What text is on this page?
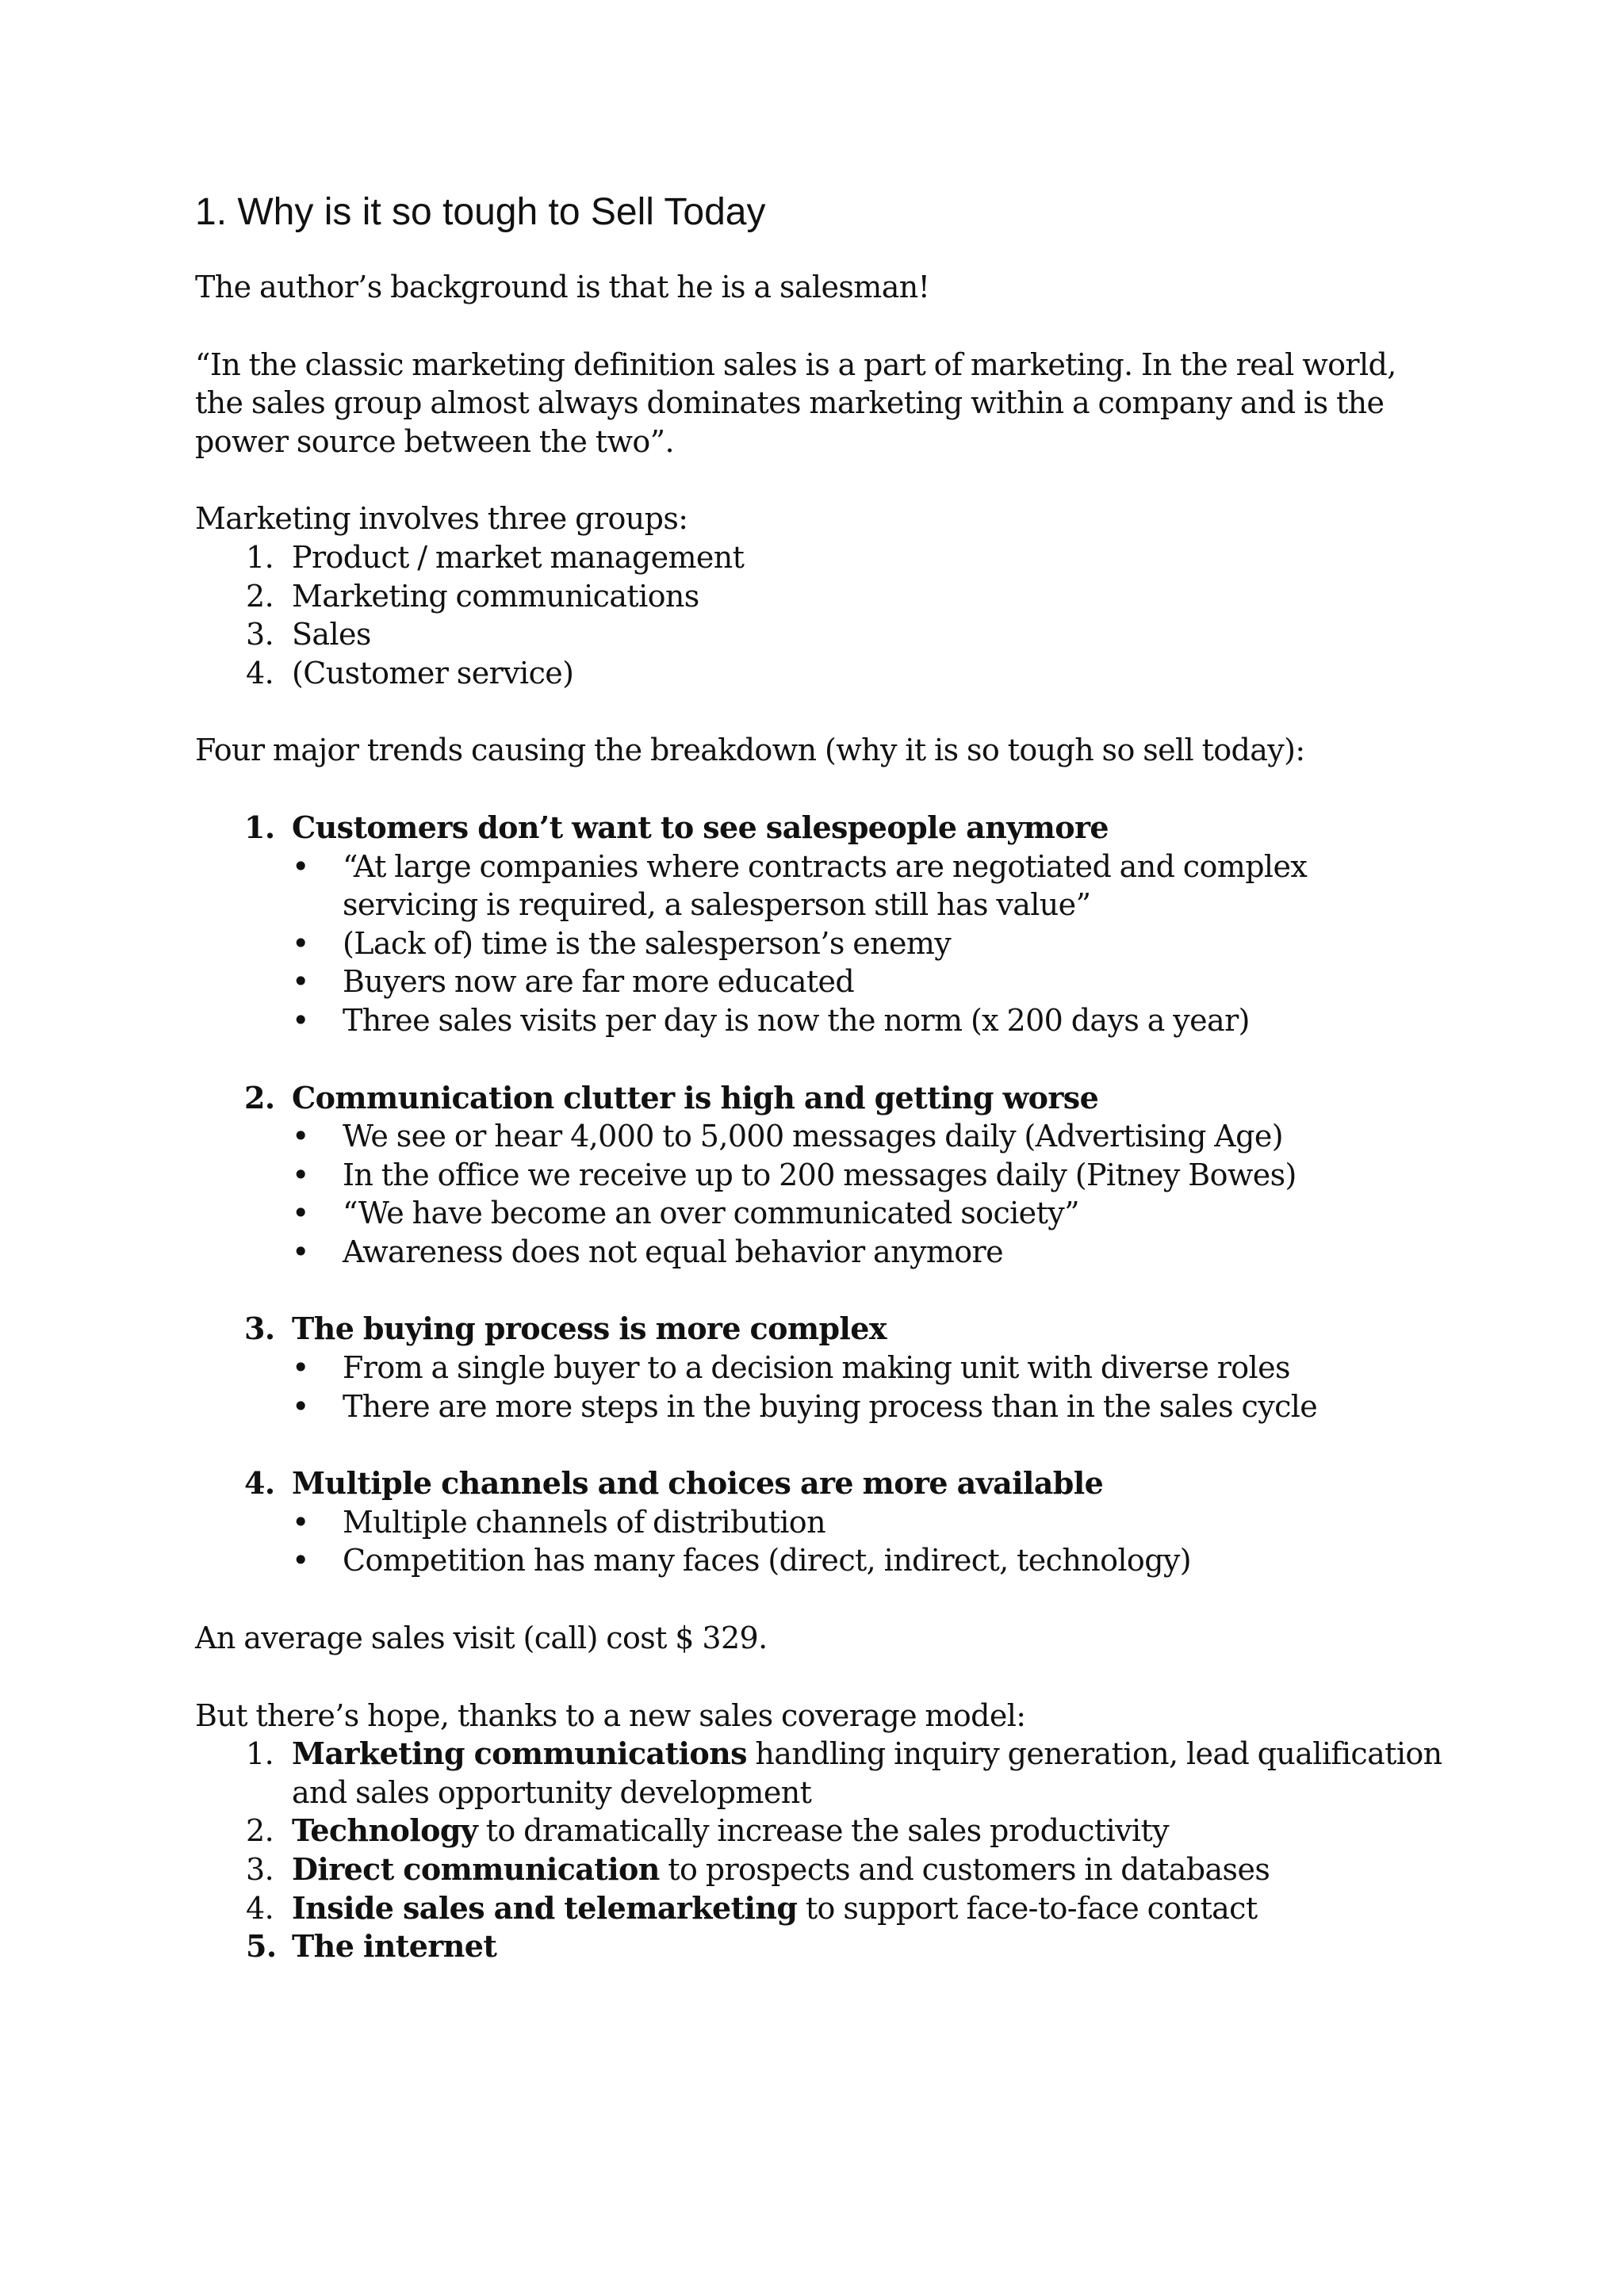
1. Why is it so tough to Sell Today

The author’s background is that he is a salesman!

“In the classic marketing definition sales is a part of marketing. In the real world, the sales group almost always dominates marketing within a company and is the power source between the two”.

Marketing involves three groups:
1. Product / market management
2. Marketing communications
3. Sales
4. (Customer service)

Four major trends causing the breakdown (why it is so tough so sell today):

1. Customers don’t want to see salespeople anymore
• “At large companies where contracts are negotiated and complex servicing is required, a salesperson still has value”
• (Lack of) time is the salesperson’s enemy
• Buyers now are far more educated
• Three sales visits per day is now the norm (x 200 days a year)
2. Communication clutter is high and getting worse
• We see or hear 4,000 to 5,000 messages daily (Advertising Age)
• In the office we receive up to 200 messages daily (Pitney Bowes)
• “We have become an over communicated society”
• Awareness does not equal behavior anymore
3. The buying process is more complex
• From a single buyer to a decision making unit with diverse roles
• There are more steps in the buying process than in the sales cycle
4. Multiple channels and choices are more available
• Multiple channels of distribution
• Competition has many faces (direct, indirect, technology)

An average sales visit (call) cost $ 329.

But there’s hope, thanks to a new sales coverage model:
1. Marketing communications handling inquiry generation, lead qualification and sales opportunity development
2. Technology to dramatically increase the sales productivity
3. Direct communication to prospects and customers in databases
4. Inside sales and telemarketing to support face-to-face contact
5. The internet
